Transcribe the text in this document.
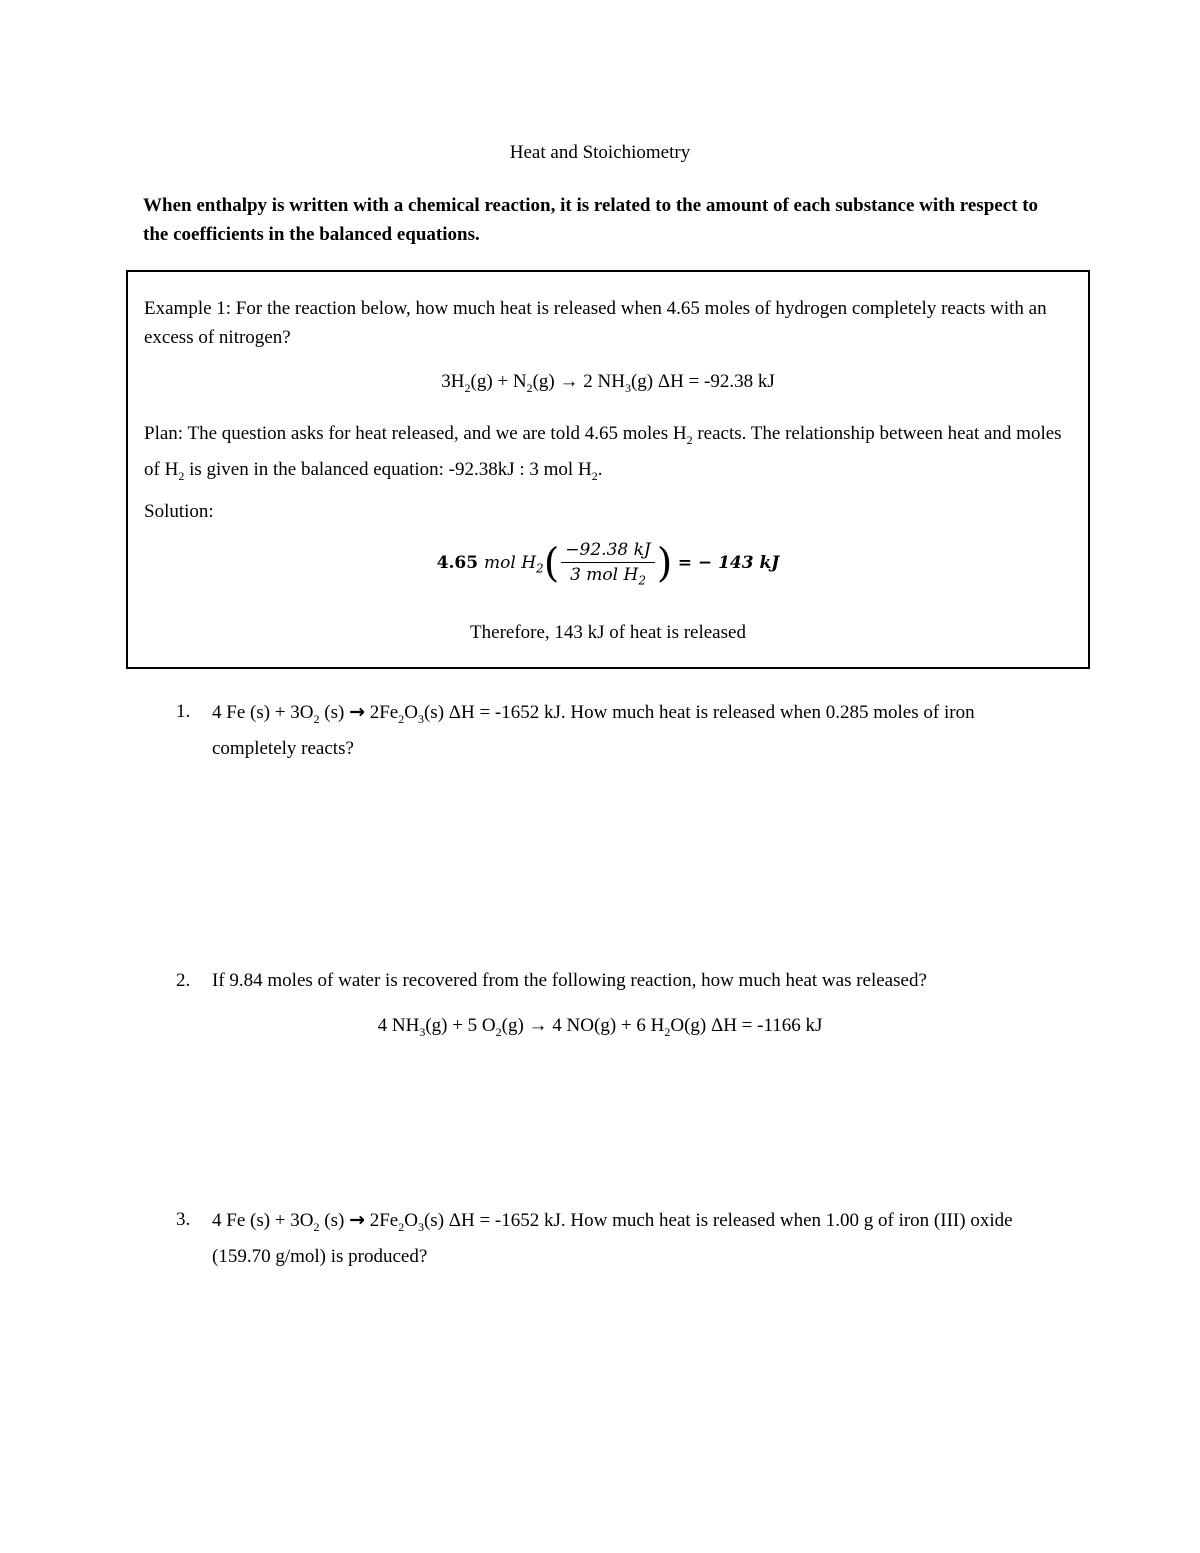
Heat and Stoichiometry
When enthalpy is written with a chemical reaction, it is related to the amount of each substance with respect to the coefficients in the balanced equations.
Example 1: For the reaction below, how much heat is released when 4.65 moles of hydrogen completely reacts with an excess of nitrogen?
$3H_2(g) + N_2(g) \to 2$ $NH_3(g) \Delta H = -92.38$ kJ
Plan: The question asks for heat released, and we are told 4.65 moles $H_2$ reacts. The relationship between heat and moles of $H_2$ is given in the balanced equation: -92.38kJ : 3 mol $H_2$.
Solution:
4.65 mol $H_2( \frac{-92.38 kJ}{3 mol H_2}$ ) = − 143 kJ
Therefore, 143 kJ of heat is released
1. 4 Fe $(s) + 3O_2$ $(s) \to 2Fe_2O_3(s) \Delta H = -1652$ kJ. How much heat is released when 0.285 moles of iron completely reacts?
2. If 9.84 moles of water is recovered from the following reaction, how much heat was released?
4 $NH_3(g) + 5$ $O_2(g) \to 4$ NO(g) + 6 $H_2O(g) \Delta H = -1166$ kJ
3. 4 Fe $(s) + 3O_2$ $(s) \to 2Fe_2O_3(s) \Delta H = -1652$ kJ. How much heat is released when 1.00 g of iron (III) oxide (159.70 g/mol) is produced?
